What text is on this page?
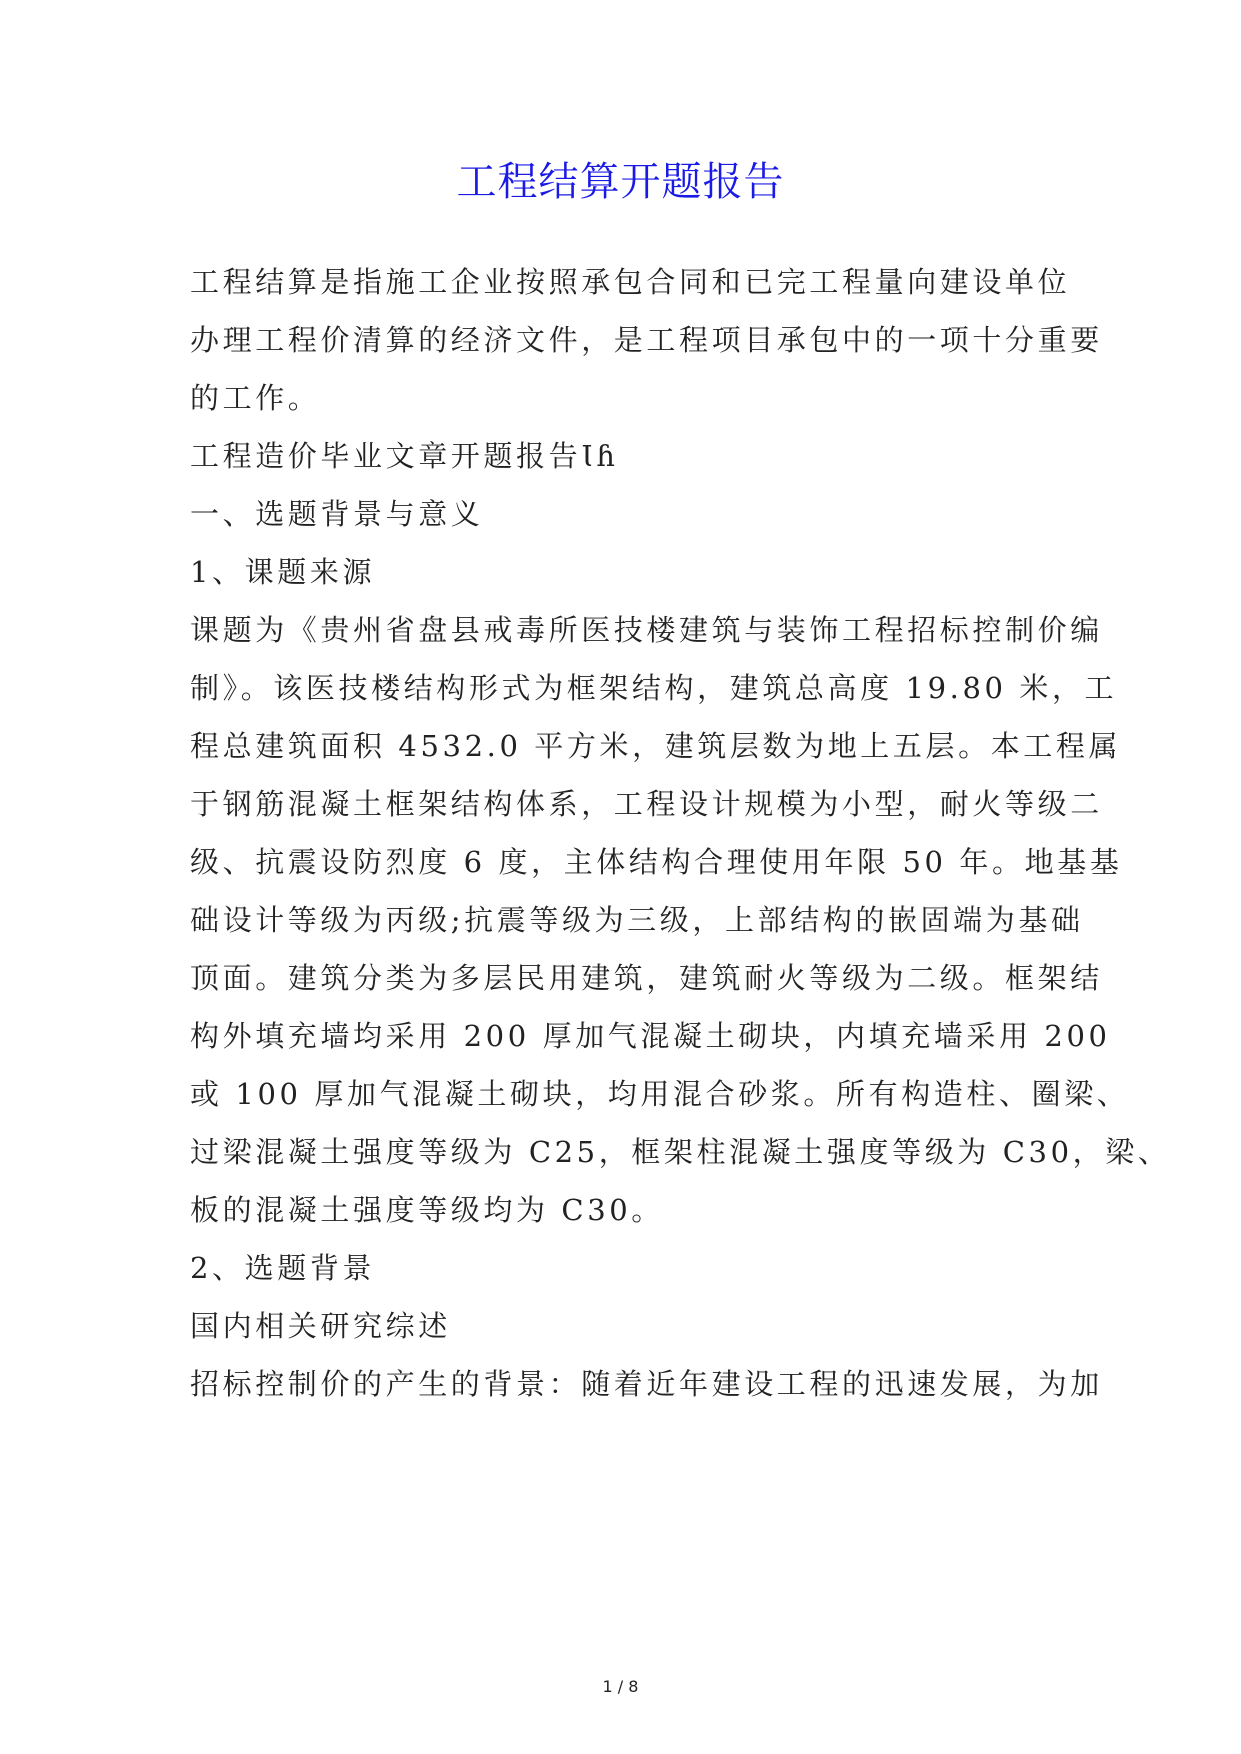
工程结算开题报告
工程结算是指施工企业按照承包合同和已完工程量向建设单位
办理工程价清算的经济文件，是工程项目承包中的一项十分重要
的工作。
工程造价毕业文章开题报告Ɩɦ
一、选题背景与意义
1、课题来源
课题为《贵州省盘县戒毒所医技楼建筑与装饰工程招标控制价编
制》。该医技楼结构形式为框架结构，建筑总高度 19.80 米，工
程总建筑面积 4532.0 平方米，建筑层数为地上五层。本工程属
于钢筋混凝土框架结构体系，工程设计规模为小型，耐火等级二
级、抗震设防烈度 6 度，主体结构合理使用年限 50 年。地基基
础设计等级为丙级;抗震等级为三级，上部结构的嵌固端为基础
顶面。建筑分类为多层民用建筑，建筑耐火等级为二级。框架结
构外填充墙均采用 200 厚加气混凝土砌块，内填充墙采用 200
或 100 厚加气混凝土砌块，均用混合砂浆。所有构造柱、圈梁、
过梁混凝土强度等级为 C25，框架柱混凝土强度等级为 C30，梁、
板的混凝土强度等级均为 C30。
2、选题背景
国内相关研究综述
招标控制价的产生的背景：随着近年建设工程的迅速发展，为加
1 / 8
